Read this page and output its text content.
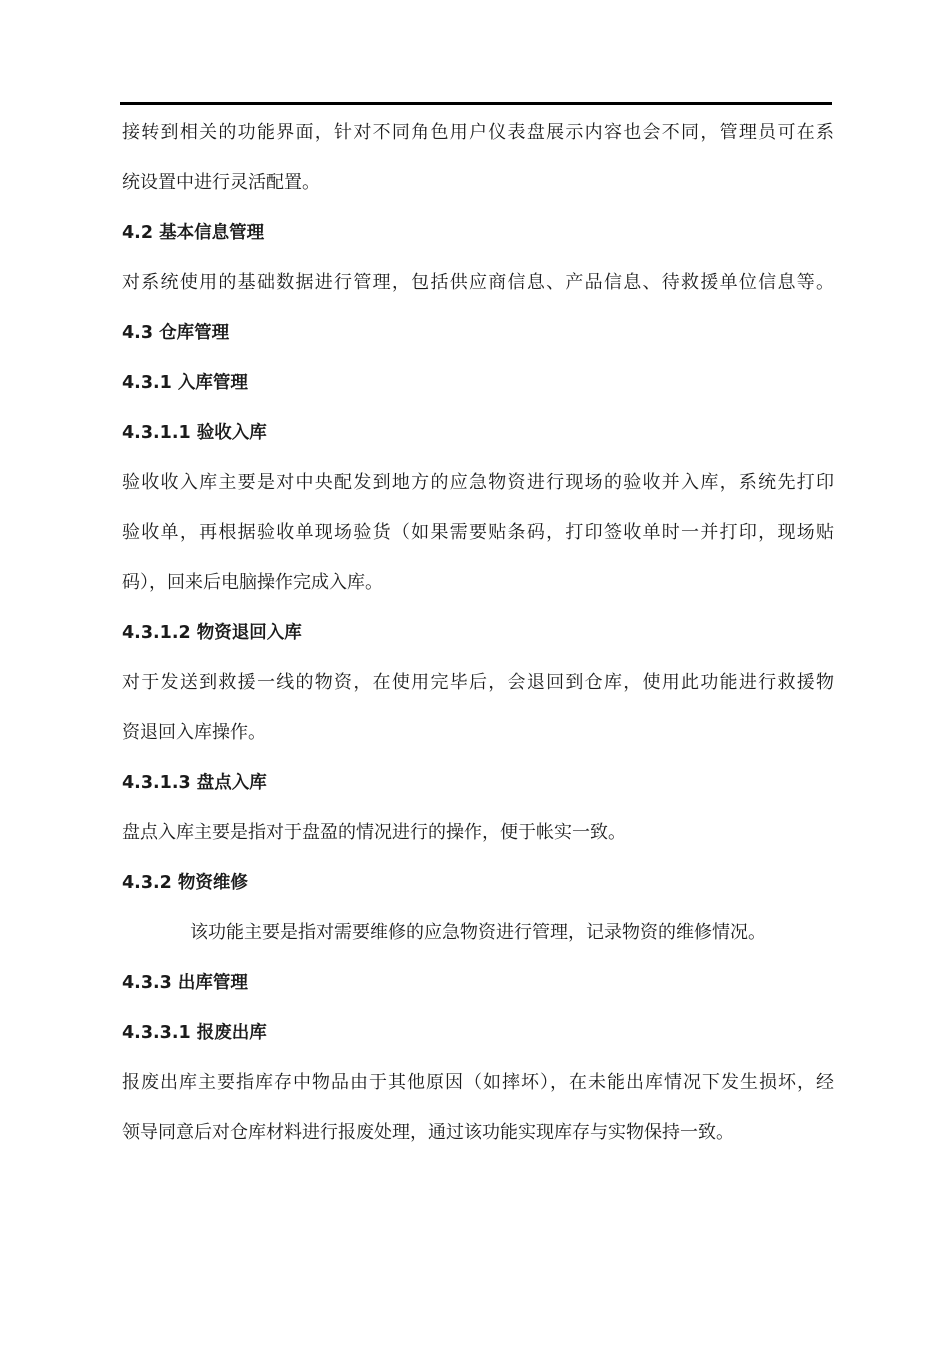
接转到相关的功能界面，针对不同角色用户仪表盘展示内容也会不同，管理员可在系
统设置中进行灵活配置。
4.2 基本信息管理
对系统使用的基础数据进行管理，包括供应商信息、产品信息、待救援单位信息等。
4.3 仓库管理
4.3.1 入库管理
4.3.1.1 验收入库
验收收入库主要是对中央配发到地方的应急物资进行现场的验收并入库，系统先打印
验收单，再根据验收单现场验货（如果需要贴条码，打印签收单时一并打印，现场贴
码），回来后电脑操作完成入库。
4.3.1.2 物资退回入库
对于发送到救援一线的物资，在使用完毕后，会退回到仓库，使用此功能进行救援物
资退回入库操作。
4.3.1.3 盘点入库
盘点入库主要是指对于盘盈的情况进行的操作，便于帐实一致。
4.3.2 物资维修
该功能主要是指对需要维修的应急物资进行管理，记录物资的维修情况。
4.3.3 出库管理
4.3.3.1 报废出库
报废出库主要指库存中物品由于其他原因（如摔坏），在未能出库情况下发生损坏，经
领导同意后对仓库材料进行报废处理，通过该功能实现库存与实物保持一致。
